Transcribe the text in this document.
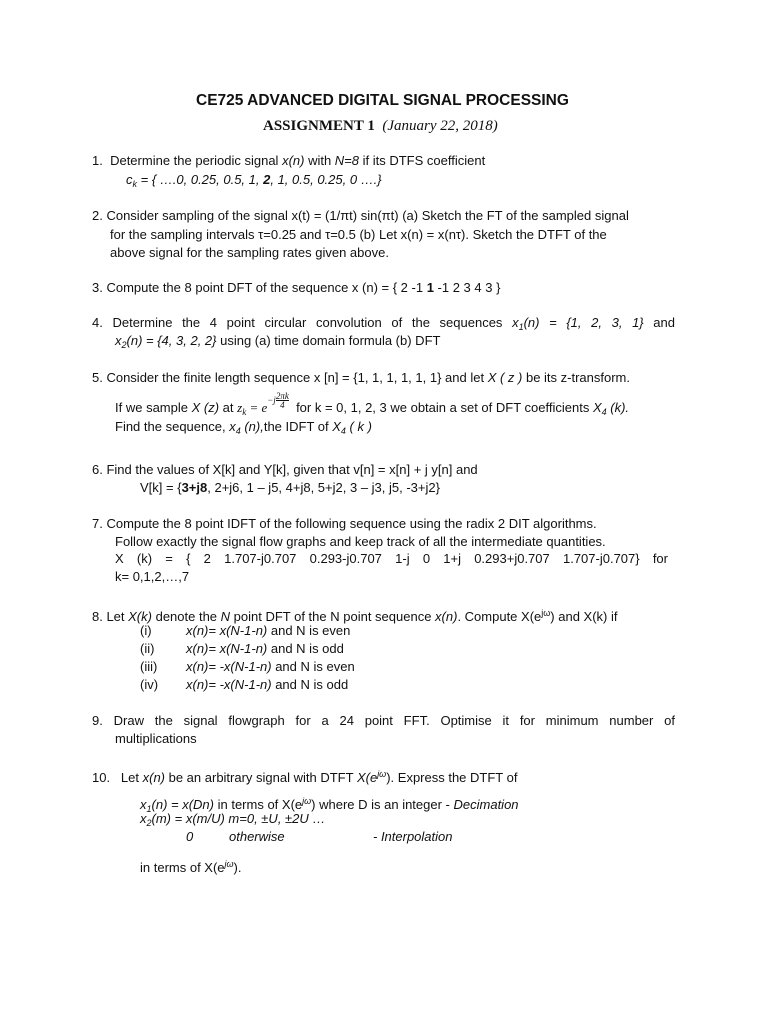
CE725 ADVANCED DIGITAL SIGNAL PROCESSING
ASSIGNMENT 1 (January 22, 2018)
1. Determine the periodic signal x(n) with N=8 if its DTFS coefficient
$c_k$ = { ….0, 0.25, 0.5, 1, 2, 1, 0.5, 0.25, 0 ….}
2. Consider sampling of the signal x(t) = (1/πt) sin(πt) (a) Sketch the FT of the sampled signal
for the sampling intervals τ=0.25 and τ=0.5 (b) Let x(n) = x(nτ). Sketch the DTFT of the
above signal for the sampling rates given above.
3. Compute the 8 point DFT of the sequence x (n) = { 2 -1 1 -1 2 3 4 3 }
4. Determine the 4 point circular convolution of the sequences $x_1(n) = \{1$, 2, 3, 1} and
$x_2(n) = \{4$, 3, 2, 2} using (a) time domain formula (b) DFT
5. Consider the finite length sequence x [n] = {1, 1, 1, 1, 1, 1} and let X ( z ) be its z-transform.
If we sample X (z) at $z_k = e-j \frac{2\pi k}{4}$ for k = 0, 1, 2, 3 we obtain a set of DFT coefficients $X_4$ (k).
Find the sequence, $x_4$ (n),the IDFT of $X_4$ ( k )
6. Find the values of X[k] and Y[k], given that v[n] = x[n] + j y[n] and
V[k] = {3+j8, 2+j6, 1 – j5, 4+j8, 5+j2, 3 – j3, j5, -3+j2}
7. Compute the 8 point IDFT of the following sequence using the radix 2 DIT algorithms.
Follow exactly the signal flow graphs and keep track of all the intermediate quantities.
X (k) = { 2 1.707-j0.707 0.293-j0.707 1-j 0 1+j 0.293+j0.707 1.707-j0.707} for
k= 0,1,2,…,7
8. Let X(k) denote the N point DFT of the N point sequence x(n). Compute $X(e^{j\omega})$ and X(k) if
(i)	x(n)= x(N-1-n) and N is even
(ii) x(n)= x(N-1-n) and N is odd
(iii) x(n)= -x(N-1-n) and N is even
(iv) x(n)= -x(N-1-n) and N is odd
9. Draw the signal flowgraph for a 24 point FFT. Optimise it for minimum number of
multiplications
10. Let x(n) be an arbitrary signal with DTFT $X(e^{j\omega})$. Express the DTFT of
$x_1(n) = x(Dn)$ in terms of $X(e^{j\omega})$ where D is an integer - Decimation
$x_2(m) = x(m/U)$ m=0, ±U, ±2U …
0	otherwise	- Interpolation
in terms of $X(e^{j\omega})$.
